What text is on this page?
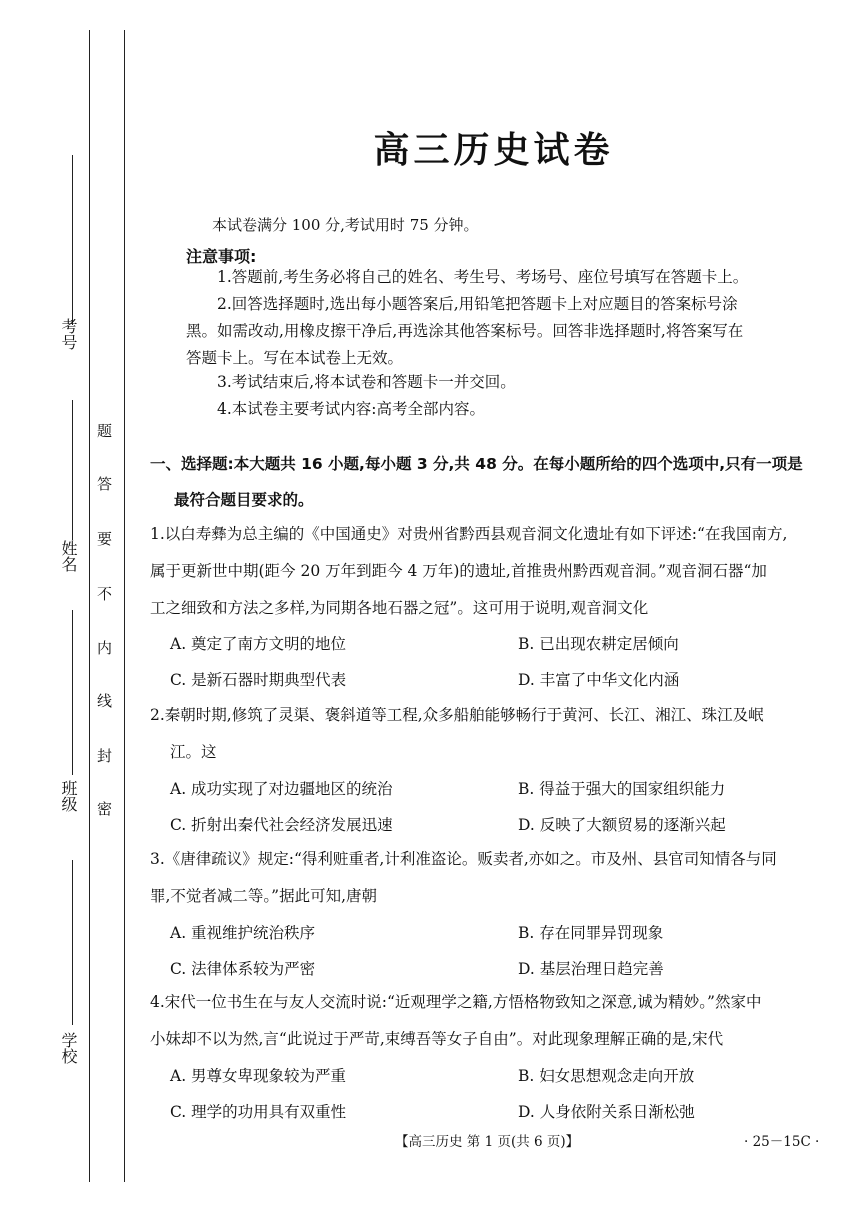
考号
姓名
班级
学校
题
答
要
不
内
线
封
密
高三历史试卷
本试卷满分 100 分,考试用时 75 分钟。
注意事项:
1.答题前,考生务必将自己的姓名、考生号、考场号、座位号填写在答题卡上。
2.回答选择题时,选出每小题答案后,用铅笔把答题卡上对应题目的答案标号涂
黑。如需改动,用橡皮擦干净后,再选涂其他答案标号。回答非选择题时,将答案写在
答题卡上。写在本试卷上无效。
3.考试结束后,将本试卷和答题卡一并交回。
4.本试卷主要考试内容:高考全部内容。
一、选择题:本大题共 16 小题,每小题 3 分,共 48 分。在每小题所给的四个选项中,只有一项是
最符合题目要求的。
1.以白寿彝为总主编的《中国通史》对贵州省黔西县观音洞文化遗址有如下评述:“在我国南方,
属于更新世中期(距今 20 万年到距今 4 万年)的遗址,首推贵州黔西观音洞。”观音洞石器“加
工之细致和方法之多样,为同期各地石器之冠”。这可用于说明,观音洞文化
A. 奠定了南方文明的地位	B. 已出现农耕定居倾向
C. 是新石器时期典型代表	D. 丰富了中华文化内涵
2.秦朝时期,修筑了灵渠、褒斜道等工程,众多船舶能够畅行于黄河、长江、湘江、珠江及岷
江。这
A. 成功实现了对边疆地区的统治	B. 得益于强大的国家组织能力
C. 折射出秦代社会经济发展迅速	D. 反映了大额贸易的逐渐兴起
3.《唐律疏议》规定:“得利赃重者,计利准盗论。贩卖者,亦如之。市及州、县官司知情各与同
罪,不觉者减二等。”据此可知,唐朝
A. 重视维护统治秩序	B. 存在同罪异罚现象
C. 法律体系较为严密	D. 基层治理日趋完善
4.宋代一位书生在与友人交流时说:“近观理学之籍,方悟格物致知之深意,诚为精妙。”然家中
小妹却不以为然,言“此说过于严苛,束缚吾等女子自由”。对此现象理解正确的是,宋代
A. 男尊女卑现象较为严重	B. 妇女思想观念走向开放
C. 理学的功用具有双重性	D. 人身依附关系日渐松弛
【高三历史 第 1 页(共 6 页)】	· 25－15C ·
